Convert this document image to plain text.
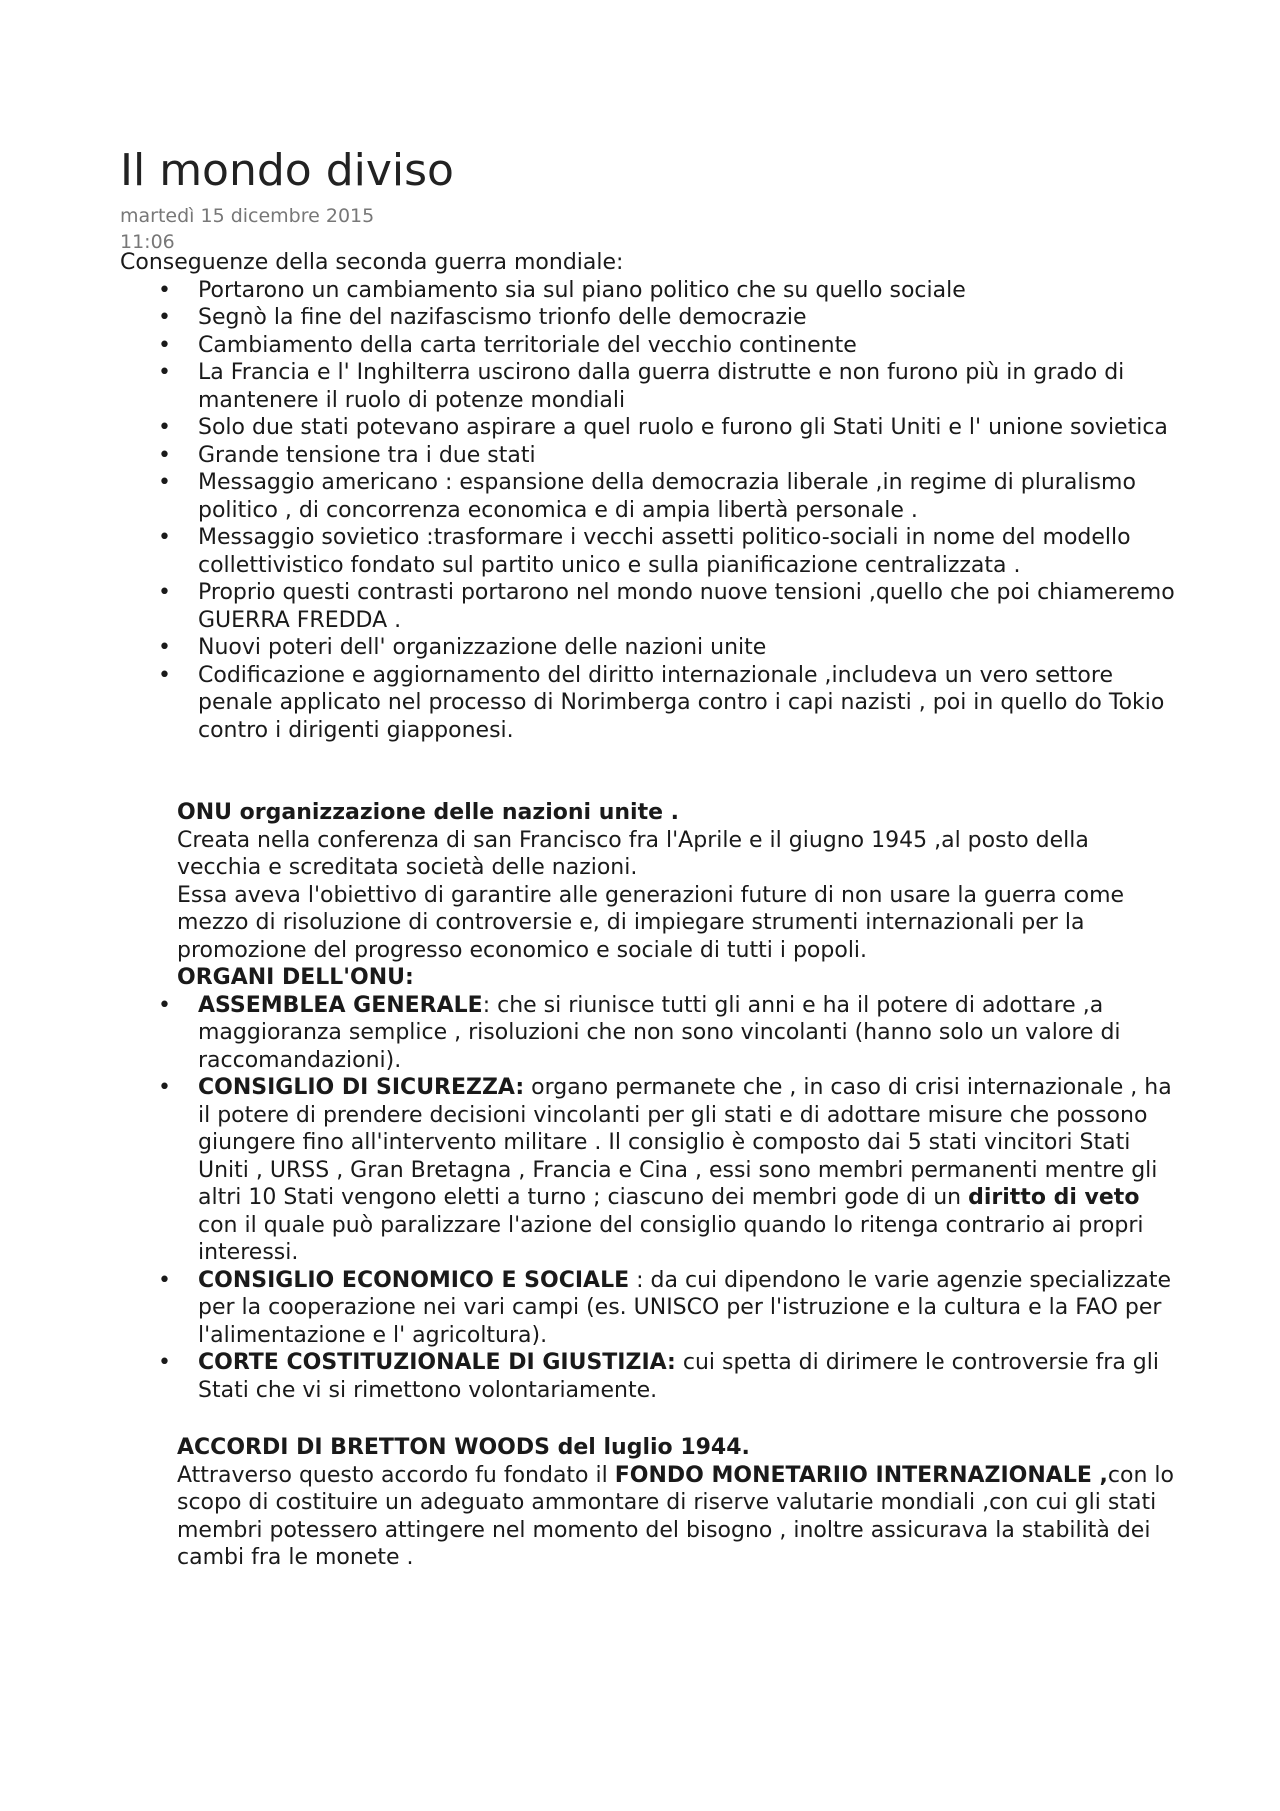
Il mondo diviso
martedì 15 dicembre 2015
11:06

Conseguenze della seconda guerra mondiale:

• Portarono un cambiamento sia sul piano politico che su quello sociale
• Segnò la fine del nazifascismo trionfo delle democrazie
• Cambiamento della carta territoriale del vecchio continente
• La Francia e l' Inghilterra uscirono dalla guerra distrutte e non furono più in grado di mantenere il ruolo di potenze mondiali
• Solo due stati potevano aspirare a quel ruolo e furono gli Stati Uniti e l' unione sovietica
• Grande tensione tra i due stati
• Messaggio americano : espansione della democrazia liberale ,in regime di pluralismo politico , di concorrenza economica e di ampia libertà personale .
• Messaggio sovietico :trasformare i vecchi assetti politico-sociali in nome del modello collettivistico fondato sul partito unico e sulla pianificazione centralizzata .
• Proprio questi contrasti portarono nel mondo nuove tensioni ,quello che poi chiameremo GUERRA FREDDA .
• Nuovi poteri dell' organizzazione delle nazioni unite
• Codificazione e aggiornamento del diritto internazionale ,includeva un vero settore penale applicato nel processo di Norimberga contro i capi nazisti , poi in quello do Tokio contro i dirigenti giapponesi.

ONU organizzazione delle nazioni unite .

Creata nella conferenza di san Francisco fra l'Aprile e il giugno 1945 ,al posto della vecchia e screditata società delle nazioni.

Essa aveva l'obiettivo di garantire alle generazioni future di non usare la guerra come mezzo di risoluzione di controversie e, di impiegare strumenti internazionali per la promozione del progresso economico e sociale di tutti i popoli.

ORGANI DELL'ONU:

• ASSEMBLEA GENERALE: che si riunisce tutti gli anni e ha il potere di adottare ,a maggioranza semplice , risoluzioni che non sono vincolanti (hanno solo un valore di raccomandazioni).
• CONSIGLIO DI SICUREZZA: organo permanete che , in caso di crisi internazionale , ha il potere di prendere decisioni vincolanti per gli stati e di adottare misure che possono giungere fino all'intervento militare . Il consiglio è composto dai 5 stati vincitori Stati Uniti , URSS , Gran Bretagna , Francia e Cina , essi sono membri permanenti mentre gli altri 10 Stati vengono eletti a turno ; ciascuno dei membri gode di un diritto di veto con il quale può paralizzare l'azione del consiglio quando lo ritenga contrario ai propri interessi.
• CONSIGLIO ECONOMICO E SOCIALE : da cui dipendono le varie agenzie specializzate per la cooperazione nei vari campi (es. UNISCO per l'istruzione e la cultura e la FAO per l'alimentazione e l' agricoltura).
• CORTE COSTITUZIONALE DI GIUSTIZIA: cui spetta di dirimere le controversie fra gli Stati che vi si rimettono volontariamente.

ACCORDI DI BRETTON WOODS del luglio 1944.

Attraverso questo accordo fu fondato il FONDO MONETARIIO INTERNAZIONALE ,con lo scopo di costituire un adeguato ammontare di riserve valutarie mondiali ,con cui gli stati membri potessero attingere nel momento del bisogno , inoltre assicurava la stabilità dei cambi fra le monete .
